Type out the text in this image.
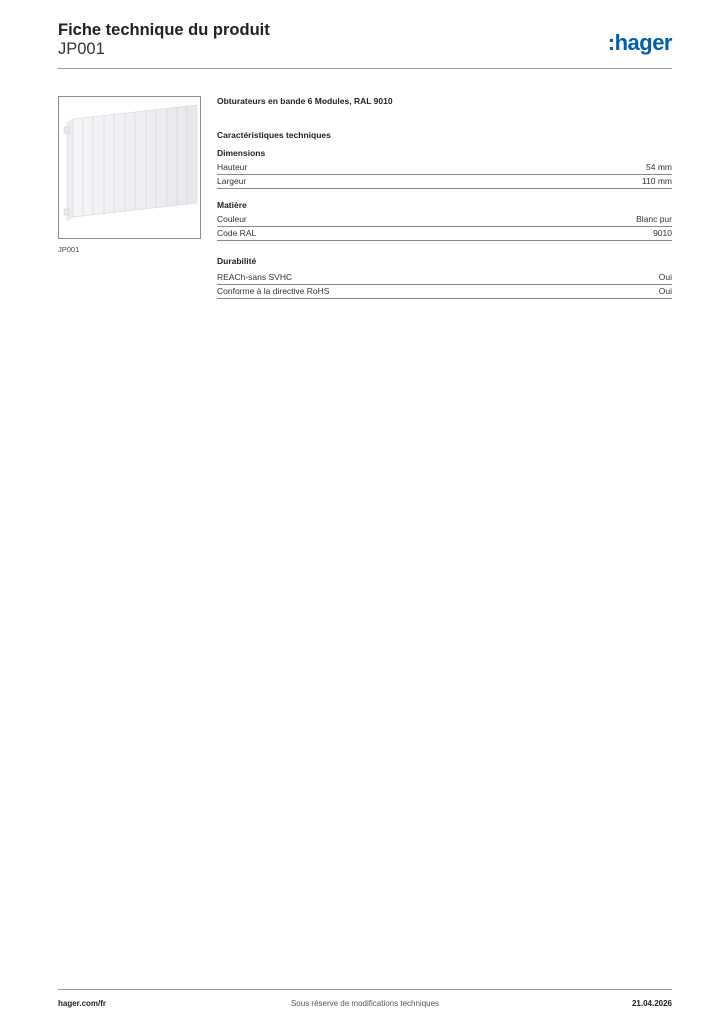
Fiche technique du produit
JP001	:hager
JP001
Obturateurs en bande 6 Modules, RAL 9010
Caractéristiques techniques
Dimensions
Hauteur	54 mm
Largeur	110 mm
Matière
Couleur	Blanc pur
Code RAL	9010
Durabilité
REACh-sans SVHC	Oui
Conforme à la directive RoHS	Oui
hager.com/fr	Sous réserve de modifications techniques	21.04.2026
